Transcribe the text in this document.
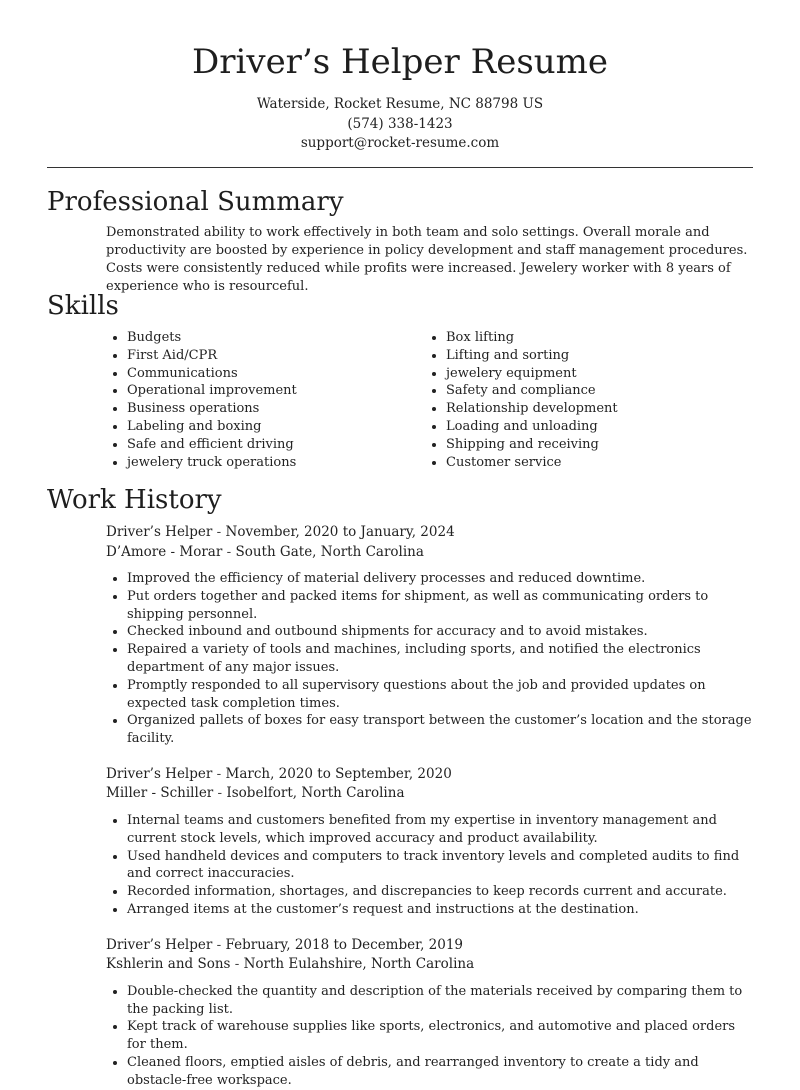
Driver’s Helper Resume
Waterside, Rocket Resume, NC 88798 US
(574) 338-1423
support@rocket-resume.com
Professional Summary

Demonstrated ability to work effectively in both team and solo settings. Overall morale and productivity are boosted by experience in policy development and staff management procedures. Costs were consistently reduced while profits were increased. Jewelery worker with 8 years of experience who is resourceful.

Skills
• Budgets
• First Aid/CPR
• Communications
• Operational improvement
• Business operations
• Labeling and boxing
• Safe and efficient driving
• jewelery truck operations
• Box lifting
• Lifting and sorting
• jewelery equipment
• Safety and compliance
• Relationship development
• Loading and unloading
• Shipping and receiving
• Customer service
Work History
Driver’s Helper - November, 2020 to January, 2024
D’Amore - Morar - South Gate, North Carolina
• Improved the efficiency of material delivery processes and reduced downtime.
• Put orders together and packed items for shipment, as well as communicating orders to shipping personnel.
• Checked inbound and outbound shipments for accuracy and to avoid mistakes.
• Repaired a variety of tools and machines, including sports, and notified the electronics department of any major issues.
• Promptly responded to all supervisory questions about the job and provided updates on expected task completion times.
• Organized pallets of boxes for easy transport between the customer’s location and the storage facility.
Driver’s Helper - March, 2020 to September, 2020
Miller - Schiller - Isobelfort, North Carolina
• Internal teams and customers benefited from my expertise in inventory management and current stock levels, which improved accuracy and product availability.
• Used handheld devices and computers to track inventory levels and completed audits to find and correct inaccuracies.
• Recorded information, shortages, and discrepancies to keep records current and accurate.
• Arranged items at the customer’s request and instructions at the destination.
Driver’s Helper - February, 2018 to December, 2019
Kshlerin and Sons - North Eulahshire, North Carolina
• Double-checked the quantity and description of the materials received by comparing them to the packing list.
• Kept track of warehouse supplies like sports, electronics, and automotive and placed orders for them.
• Cleaned floors, emptied aisles of debris, and rearranged inventory to create a tidy and obstacle-free workspace.
